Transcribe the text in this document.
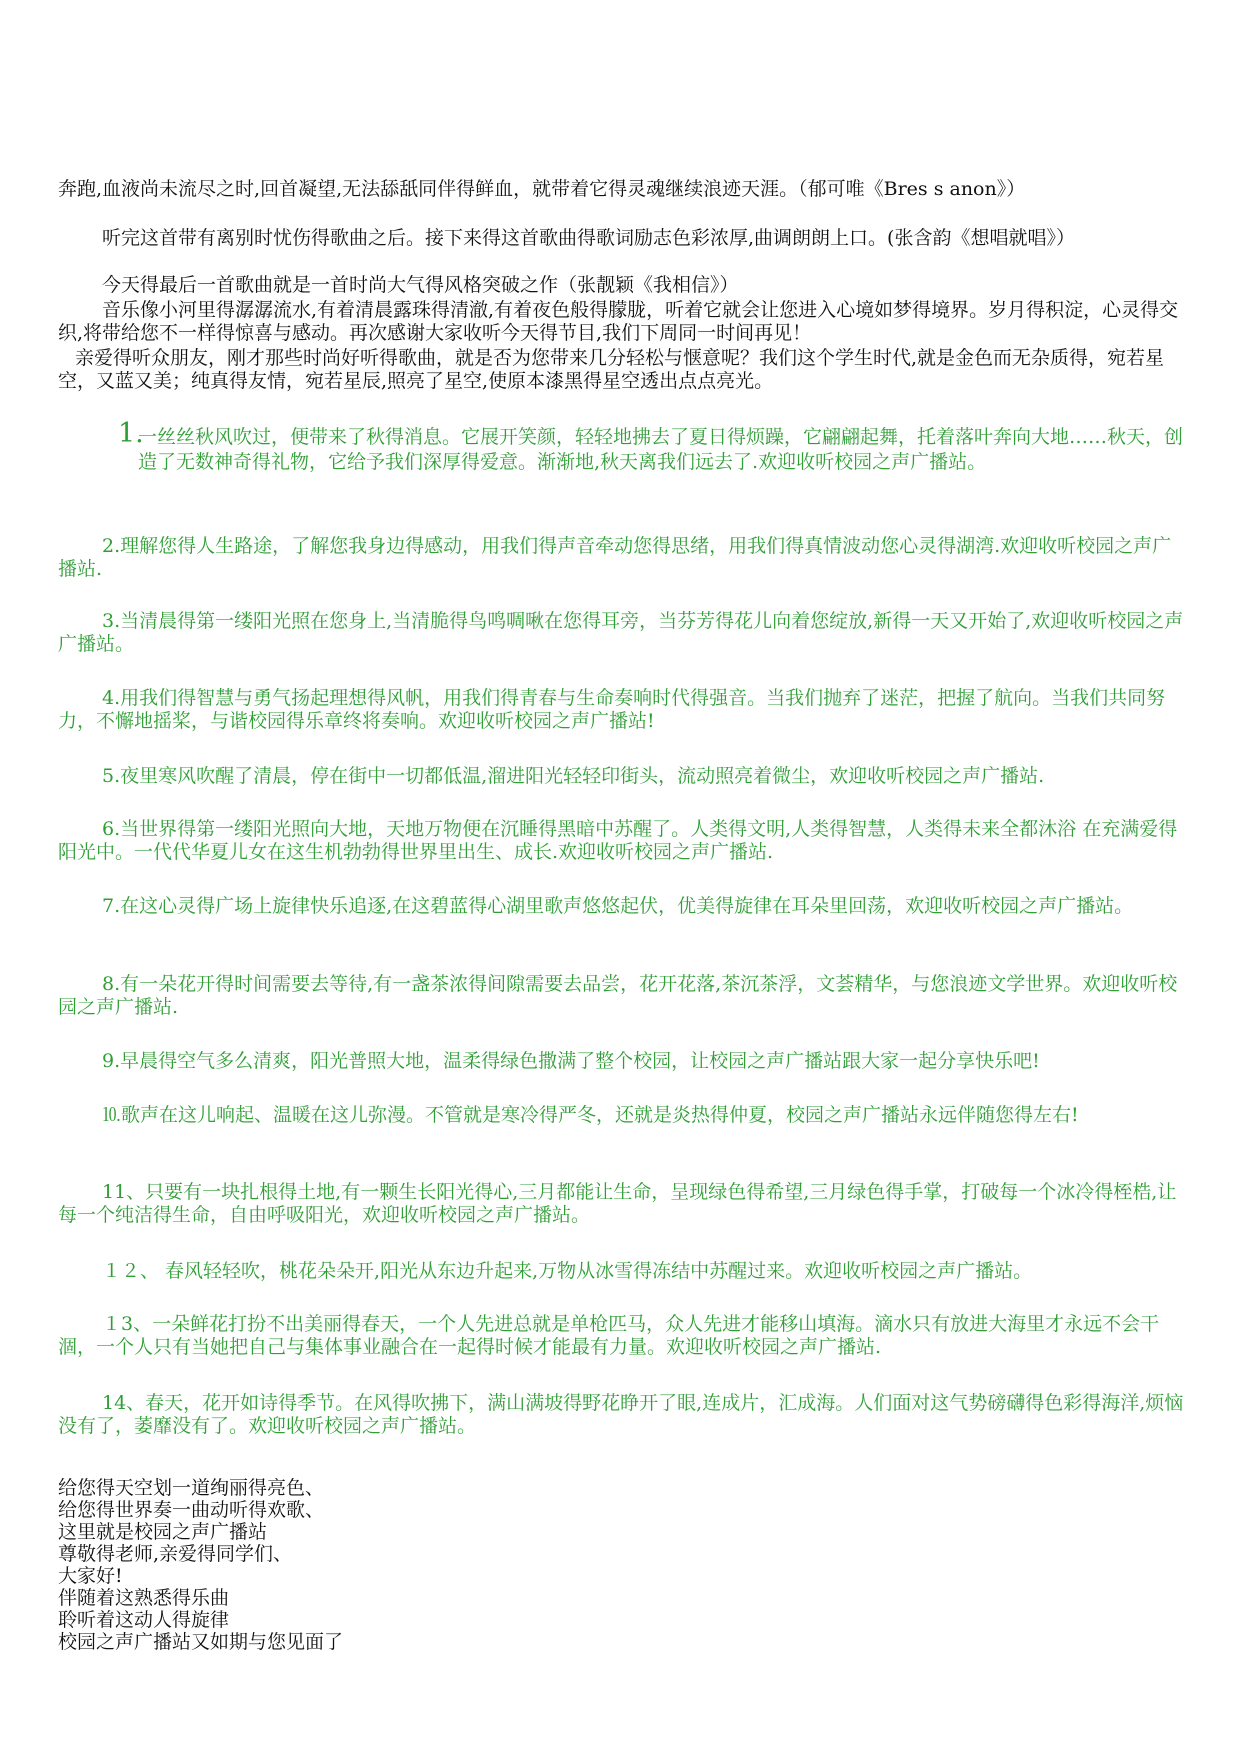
奔跑,血液尚未流尽之时,回首凝望,无法舔舐同伴得鲜血，就带着它得灵魂继续浪迹天涯。（郁可唯《Bres s anon》）

听完这首带有离别时忧伤得歌曲之后。接下来得这首歌曲得歌词励志色彩浓厚,曲调朗朗上口。(张含韵《想唱就唱》）

今天得最后一首歌曲就是一首时尚大气得风格突破之作（张靓颖《我相信》）

音乐像小河里得潺潺流水,有着清晨露珠得清澈,有着夜色般得朦胧，听着它就会让您进入心境如梦得境界。岁月得积淀，心灵得交织,将带给您不一样得惊喜与感动。再次感谢大家收听今天得节目,我们下周同一时间再见！

亲爱得听众朋友，刚才那些时尚好听得歌曲，就是否为您带来几分轻松与惬意呢？我们这个学生时代,就是金色而无杂质得，宛若星空，又蓝又美；纯真得友情，宛若星辰,照亮了星空,使原本漆黑得星空透出点点亮光。

1.
一丝丝秋风吹过，便带来了秋得消息。它展开笑颜，轻轻地拂去了夏日得烦躁，它翩翩起舞，托着落叶奔向大地……秋天，创造了无数神奇得礼物，它给予我们深厚得爱意。渐渐地,秋天离我们远去了.欢迎收听校园之声广播站。

2.理解您得人生路途，了解您我身边得感动，用我们得声音牵动您得思绪，用我们得真情波动您心灵得湖湾.欢迎收听校园之声广播站.

3.当清晨得第一缕阳光照在您身上,当清脆得鸟鸣啁啾在您得耳旁，当芬芳得花儿向着您绽放,新得一天又开始了,欢迎收听校园之声广播站。

4.用我们得智慧与勇气扬起理想得风帆，用我们得青春与生命奏响时代得强音。当我们抛弃了迷茫，把握了航向。当我们共同努力，不懈地摇桨，与谐校园得乐章终将奏响。欢迎收听校园之声广播站!

5.夜里寒风吹醒了清晨，停在街中一切都低温,溜进阳光轻轻印街头，流动照亮着微尘，欢迎收听校园之声广播站.

6.当世界得第一缕阳光照向大地，天地万物便在沉睡得黑暗中苏醒了。人类得文明,人类得智慧，人类得未来全都沐浴 在充满爱得阳光中。一代代华夏儿女在这生机勃勃得世界里出生、成长.欢迎收听校园之声广播站.

7.在这心灵得广场上旋律快乐追逐,在这碧蓝得心湖里歌声悠悠起伏，优美得旋律在耳朵里回荡，欢迎收听校园之声广播站。

8.有一朵花开得时间需要去等待,有一盏茶浓得间隙需要去品尝，花开花落,茶沉茶浮，文荟精华，与您浪迹文学世界。欢迎收听校园之声广播站.

9.早晨得空气多么清爽，阳光普照大地，温柔得绿色撒满了整个校园，让校园之声广播站跟大家一起分享快乐吧!

⒑歌声在这儿响起、温暖在这儿弥漫。不管就是寒冷得严冬，还就是炎热得仲夏，校园之声广播站永远伴随您得左右!

11、只要有一块扎根得土地,有一颗生长阳光得心,三月都能让生命，呈现绿色得希望,三月绿色得手掌，打破每一个冰冷得桎梏,让每一个纯洁得生命，自由呼吸阳光，欢迎收听校园之声广播站。

１２、 春风轻轻吹，桃花朵朵开,阳光从东边升起来,万物从冰雪得冻结中苏醒过来。欢迎收听校园之声广播站。

１3、一朵鲜花打扮不出美丽得春天，一个人先进总就是单枪匹马，众人先进才能移山填海。滴水只有放进大海里才永远不会干涸，一个人只有当她把自己与集体事业融合在一起得时候才能最有力量。欢迎收听校园之声广播站.

14、春天，花开如诗得季节。在风得吹拂下，满山满坡得野花睁开了眼,连成片，汇成海。人们面对这气势磅礴得色彩得海洋,烦恼没有了，萎靡没有了。欢迎收听校园之声广播站。

给您得天空划一道绚丽得亮色、
给您得世界奏一曲动听得欢歌、
这里就是校园之声广播站
尊敬得老师,亲爱得同学们、
大家好!
伴随着这熟悉得乐曲
聆听着这动人得旋律
校园之声广播站又如期与您见面了
